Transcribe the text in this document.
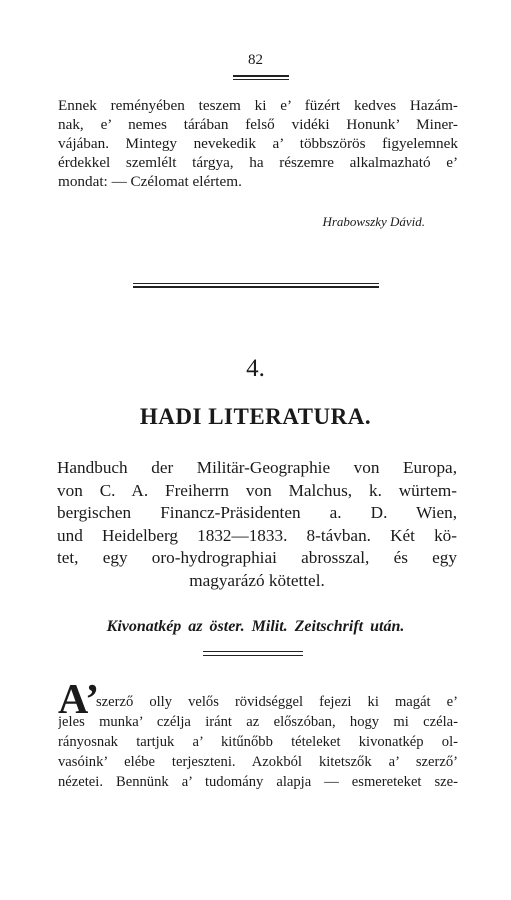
82
Ennek reményében teszem ki e’ füzért kedves Hazám-
nak, e’ nemes tárában felső vidéki Honunk’ Miner-
vájában. Mintegy nevekedik a’ többszörös figyelemnek
érdekkel szemlélt tárgya, ha részemre alkalmazható e’
mondat: — Czélomat elértem.
Hrabowszky Dávid.
4.
HADI LITERATURA.
Handbuch der Militär-Geographie von Europa,
von C. A. Freiherrn von Malchus, k. würtem-
bergischen Financz-Präsidenten a. D. Wien,
und Heidelberg 1832—1833. 8-távban. Két kö-
tet, egy oro-hydrographiai abrosszal, és egy
magyarázó kötettel.
Kivonatkép az öster. Milit. Zeitschrift után.
A’
szerző olly velős rövidséggel fejezi ki magát e’
jeles munka’ czélja iránt az előszóban, hogy mi czéla-
rányosnak tartjuk a’ kitűnőbb tételeket kivonatkép ol-
vasóink’ elébe terjeszteni. Azokból kitetszők a’ szerző’
nézetei. Bennünk a’ tudomány alapja — esmereteket sze-
